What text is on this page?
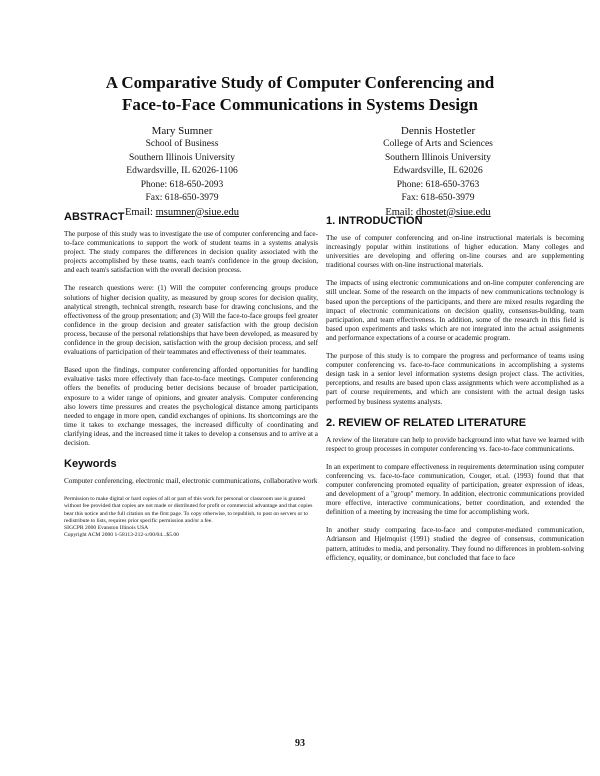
A Comparative Study of Computer Conferencing and
Face-to-Face Communications in Systems Design
Mary Sumner
School of Business
Southern Illinois University
Edwardsville, IL 62026-1106
Phone: 618-650-2093
Fax: 618-650-3979
Email: msumner@siue.edu
Dennis Hostetler
College of Arts and Sciences
Southern Illinois University
Edwardsville, IL 62026
Phone: 618-650-3763
Fax: 618-650-3979
Email: dhostet@siue.edu
ABSTRACT

The purpose of this study was to investigate the use of computer conferencing and face-to-face communications to support the work of student teams in a systems analysis project. The study compares the differences in decision quality associated with the projects accomplished by these teams, each team's confidence in the group decision, and each team's satisfaction with the overall decision process.

The research questions were: (1) Will the computer conferencing groups produce solutions of higher decision quality, as measured by group scores for decision quality, analytical strength, technical strength, research base for drawing conclusions, and the effectiveness of the group presentation; and (3) Will the face-to-face groups feel greater confidence in the group decision and greater satisfaction with the group decision process, because of the personal relationships that have been developed, as measured by confidence in the group decision, satisfaction with the group decision process, and self evaluations of participation of their teammates and effectiveness of their teammates.

Based upon the findings, computer conferencing afforded opportunities for handling evaluative tasks more effectively than face-to-face meetings. Computer conferencing offers the benefits of producing better decisions because of broader participation, exposure to a wider range of opinions, and greater analysis. Computer conferencing also lowers time pressures and creates the psychological distance among participants needed to engage in more open, candid exchanges of opinions. Its shortcomings are the time it takes to exchange messages, the increased difficulty of coordinating and clarifying ideas, and the increased time it takes to develop a consensus and to arrive at a decision.

Keywords

Computer conferencing, electronic mail, electronic communications, collaborative work

Permission to make digital or hard copies of all or part of this work for personal or classroom use is granted without fee provided that copies are not made or distributed for profit or commercial advantage and that copies bear this notice and the full citation on the first page. To copy otherwise, to republish, to post on servers or to redistribute to lists, requires prior specific permission and/or a fee.

SIGCPR 2000 Evanston Illinois USA

Copyright ACM 2000 1-58113-212-x/00/04...$5.00

1. INTRODUCTION

The use of computer conferencing and on-line instructional materials is becoming increasingly popular within institutions of higher education. Many colleges and universities are developing and offering on-line courses and are supplementing traditional courses with on-line instructional materials.

The impacts of using electronic communications and on-line computer conferencing are still unclear. Some of the research on the impacts of new communications technology is based upon the perceptions of the participants, and there are mixed results regarding the impact of electronic communications on decision quality, consensus-building, team participation, and team effectiveness. In addition, some of the research in this field is based upon experiments and tasks which are not integrated into the actual assignments and performance expectations of a course or academic program.

The purpose of this study is to compare the progress and performance of teams using computer conferencing vs. face-to-face communications in accomplishing a systems design task in a senior level information systems design project class. The activities, perceptions, and results are based upon class assignments which were accomplished as a part of course requirements, and which are consistent with the actual design tasks performed by business systems analysts.

2. REVIEW OF RELATED LITERATURE

A review of the literature can help to provide background into what have we learned with respect to group processes in computer conferencing vs. face-to-face communications.

In an experiment to compare effectiveness in requirements determination using computer conferencing vs. face-to-face communication, Couger, et.al. (1993) found that that computer conferencing promoted equality of participation, greater expression of ideas, and development of a "group" memory. In addition, electronic communications provided more effective, interactive communications, better coordination, and extended the definition of a meeting by increasing the time for accomplishing work.

In another study comparing face-to-face and computer-mediated communication, Adrianson and Hjelmquist (1991) studied the degree of consensus, communication pattern, attitudes to media, and personality. They found no differences in problem-solving efficiency, equality, or dominance, but concluded that face to face

93
